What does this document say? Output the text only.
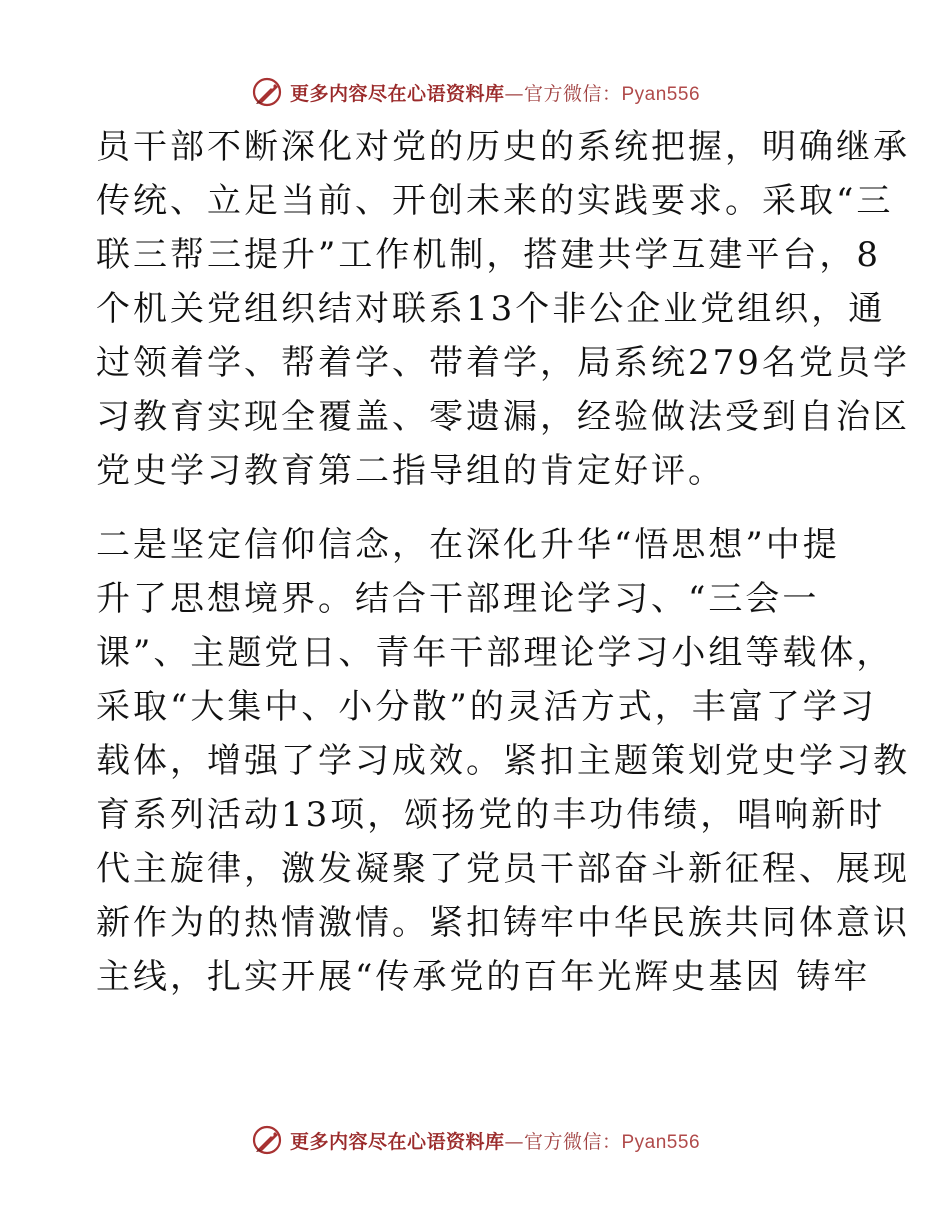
更多内容尽在心语资料库—官方微信：Pyan556
员干部不断深化对党的历史的系统把握，明确继承
传统、立足当前、开创未来的实践要求。采取“三
联三帮三提升”工作机制，搭建共学互建平台，8
个机关党组织结对联系13个非公企业党组织，通
过领着学、帮着学、带着学，局系统279名党员学
习教育实现全覆盖、零遗漏，经验做法受到自治区
党史学习教育第二指导组的肯定好评。
二是坚定信仰信念，在深化升华“悟思想”中提
升了思想境界。结合干部理论学习、“三会一
课”、主题党日、青年干部理论学习小组等载体，
采取“大集中、小分散”的灵活方式，丰富了学习
载体，增强了学习成效。紧扣主题策划党史学习教
育系列活动13项，颂扬党的丰功伟绩，唱响新时
代主旋律，激发凝聚了党员干部奋斗新征程、展现
新作为的热情激情。紧扣铸牢中华民族共同体意识
主线，扎实开展“传承党的百年光辉史基因 铸牢
更多内容尽在心语资料库—官方微信：Pyan556
